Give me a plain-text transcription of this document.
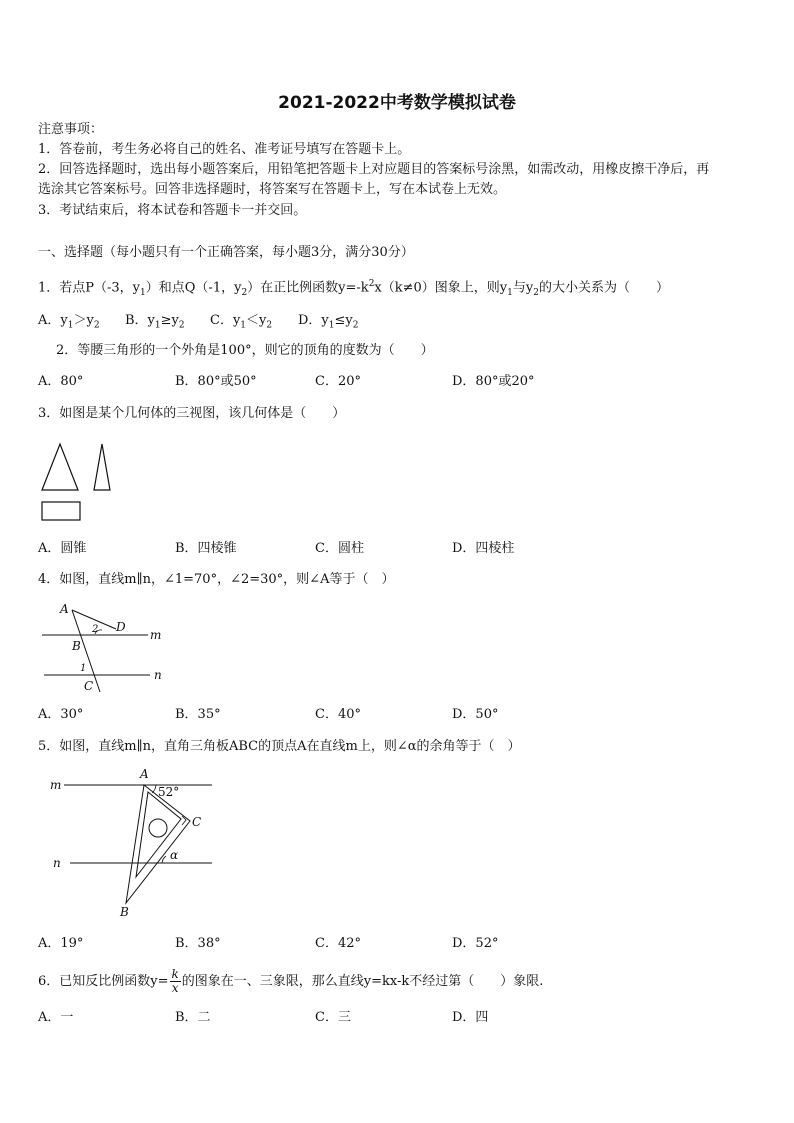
2021-2022中考数学模拟试卷
注意事项：
1．答卷前，考生务必将自己的姓名、准考证号填写在答题卡上。
2．回答选择题时，选出每小题答案后，用铅笔把答题卡上对应题目的答案标号涂黑，如需改动，用橡皮擦干净后，再
选涂其它答案标号。回答非选择题时，将答案写在答题卡上，写在本试卷上无效。
3．考试结束后，将本试卷和答题卡一并交回。
一、选择题（每小题只有一个正确答案，每小题3分，满分30分）
1．若点P（-3，$y_1$）和点Q（-1，$y_2$）在正比例函数$y=-k^2x(k\ne 0)$图象上，则$y_1$与$y_2$的大小关系为（　　）
A．$y_1>y_2$ B．$y_1\ge y_2$ C．$y_1<y_2$ D．$y_1\le y_2$
2．等腰三角形的一个外角是100°，则它的顶角的度数为（　　）
A．80°	B．80°或50°	C．20°	D．80°或20°
3．如图是某个几何体的三视图，该几何体是（　　）
A．圆锥	B．四棱锥	C．圆柱	D．四棱柱
4．如图，直线m∥n，∠1=70°，∠2=30°，则∠A等于（　）
A
B
C
D
2
1
m
n
A．30°	B．35°	C．40°	D．50°
5．如图，直线m∥n，直角三角板ABC的顶点A在直线m上，则∠α的余角等于（　）
A
C
B
m
n
52°
α
A．19°	B．38°	C．42°	D．52°
6．已知反比例函数$y= \frac{k}{x}$ 的图象在一、三象限，那么直线y=kx-k不经过第（　　）象限.
A．一	B．二	C．三	D．四
